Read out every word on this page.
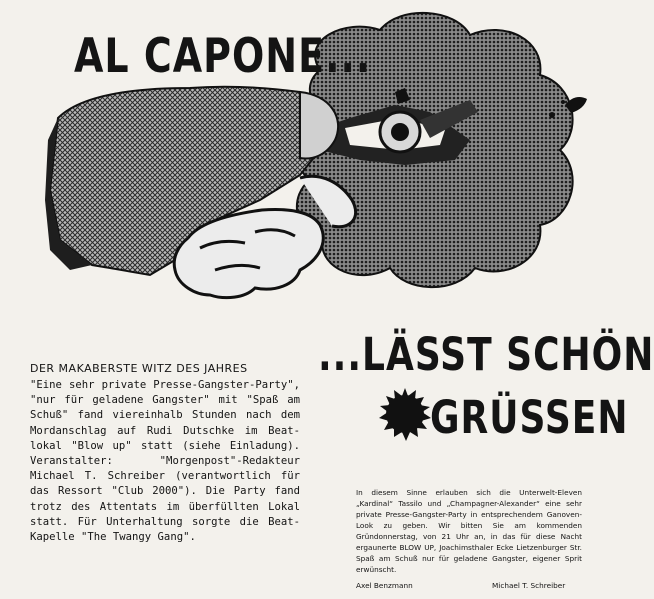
AL CAPONE...
...LÄSST SCHÖN
GRÜSSEN
DER MAKABERSTE WITZ DES JAHRES
"Eine sehr private Presse-Gangster-Party", "nur für geladene Gangster" mit "Spaß am Schuß" fand viereinhalb Stunden nach dem Mordanschlag auf Rudi Dutschke im Beat-lokal "Blow up" statt (siehe Einladung). Veranstalter: "Morgenpost"-Redakteur Michael T. Schreiber (verantwortlich für das Ressort "Club 2000"). Die Party fand trotz des Attentats im überfüllten Lokal statt. Für Unterhaltung sorgte die Beat-Kapelle "The Twangy Gang".
In diesem Sinne erlauben sich die Unterwelt-Eleven „Kardinal“ Tassilo und „Champagner-Alexander“ eine sehr private Presse-Gangster-Party in entsprechendem Ganoven-Look zu geben. Wir bitten Sie am kommenden Gründonnerstag, von 21 Uhr an, in das für diese Nacht ergaunerte BLOW UP, Joachimsthaler Ecke Lietzenburger Str. Spaß am Schuß nur für geladene Gangster, eigener Sprit erwünscht.
Axel Benzmann	Michael T. Schreiber
